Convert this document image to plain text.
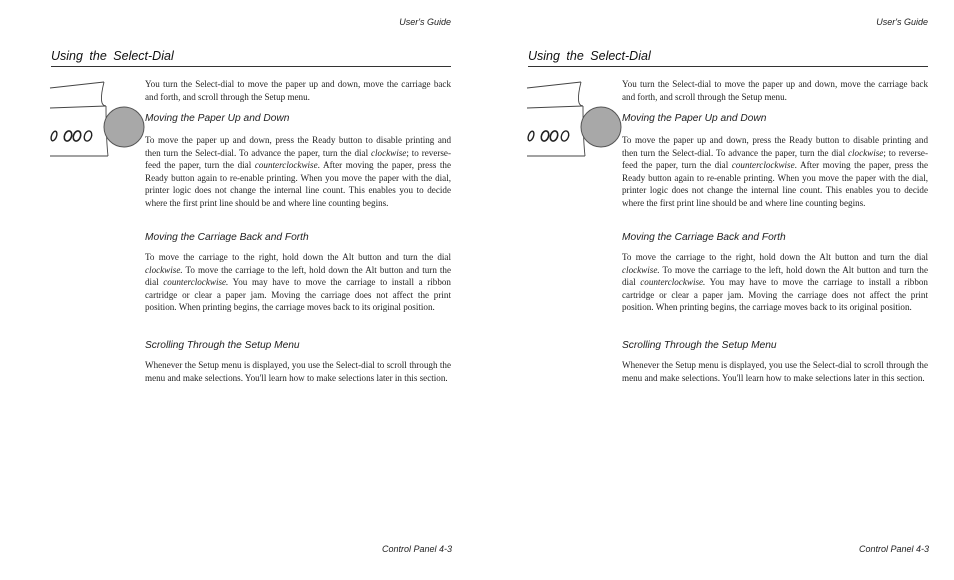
User's Guide
Using the Select-Dial
You turn the Select-dial to move the paper up and down, move the carriage back and forth, and scroll through the Setup menu.
Moving the Paper Up and Down
To move the paper up and down, press the Ready button to disable printing and then turn the Select-dial. To advance the paper, turn the dial clockwise; to reverse-feed the paper, turn the dial counterclockwise. After moving the paper, press the Ready button again to re-enable printing. When you move the paper with the dial, printer logic does not change the internal line count. This enables you to decide where the first print line should be and where line counting begins.
Moving the Carriage Back and Forth
To move the carriage to the right, hold down the Alt button and turn the dial clockwise. To move the carriage to the left, hold down the Alt button and turn the dial counterclockwise. You may have to move the carriage to install a ribbon cartridge or clear a paper jam. Moving the carriage does not affect the print position. When printing begins, the carriage moves back to its original position.
Scrolling Through the Setup Menu
Whenever the Setup menu is displayed, you use the Select-dial to scroll through the menu and make selections. You'll learn how to make selections later in this section.
Control Panel 4-3
User's Guide
Using the Select-Dial
You turn the Select-dial to move the paper up and down, move the carriage back and forth, and scroll through the Setup menu.
Moving the Paper Up and Down
To move the paper up and down, press the Ready button to disable printing and then turn the Select-dial. To advance the paper, turn the dial clockwise; to reverse-feed the paper, turn the dial counterclockwise. After moving the paper, press the Ready button again to re-enable printing. When you move the paper with the dial, printer logic does not change the internal line count. This enables you to decide where the first print line should be and where line counting begins.
Moving the Carriage Back and Forth
To move the carriage to the right, hold down the Alt button and turn the dial clockwise. To move the carriage to the left, hold down the Alt button and turn the dial counterclockwise. You may have to move the carriage to install a ribbon cartridge or clear a paper jam. Moving the carriage does not affect the print position. When printing begins, the carriage moves back to its original position.
Scrolling Through the Setup Menu
Whenever the Setup menu is displayed, you use the Select-dial to scroll through the menu and make selections. You'll learn how to make selections later in this section.
Control Panel 4-3
